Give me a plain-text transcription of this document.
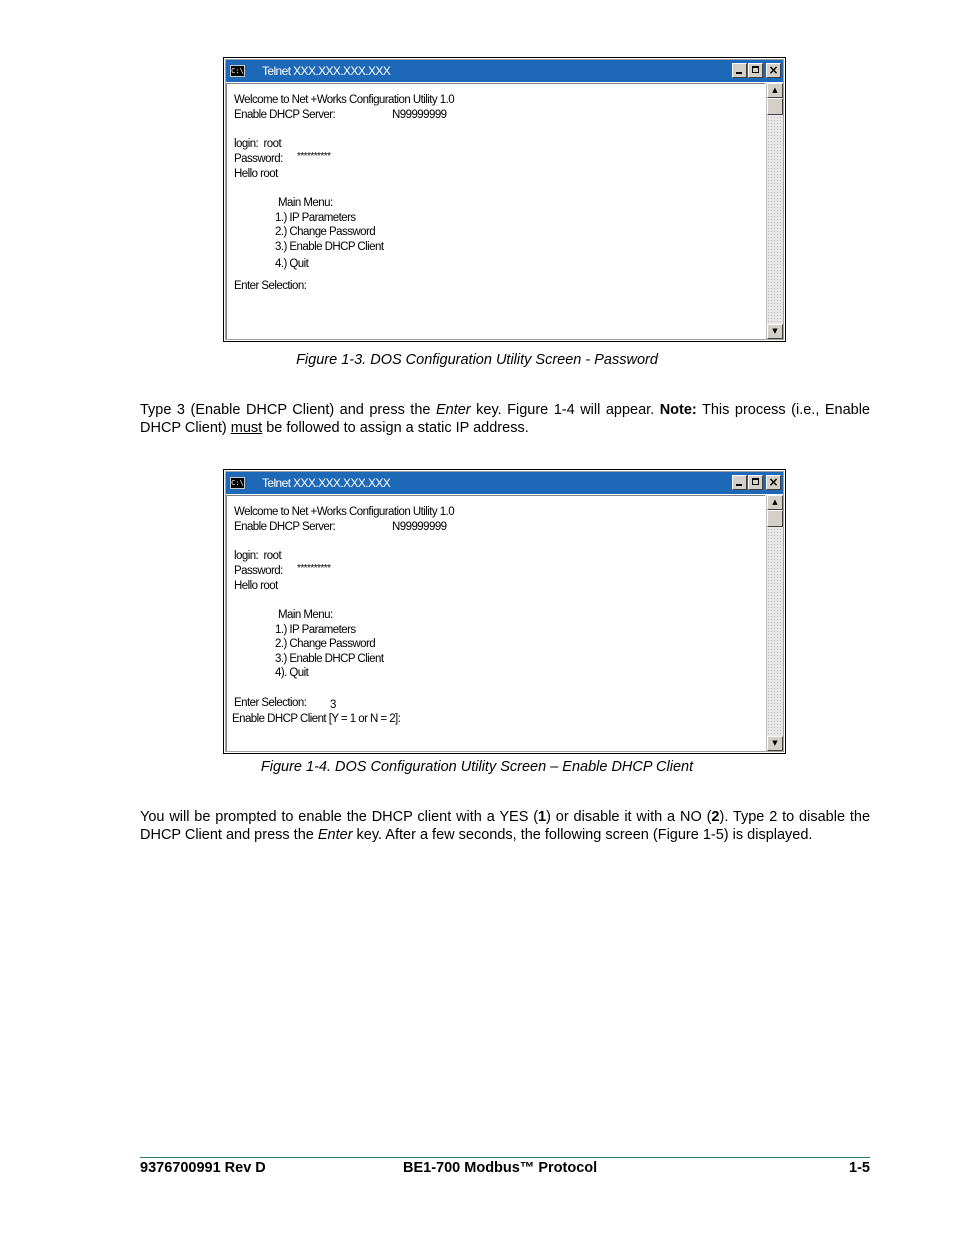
C:\ Telnet XXX.XXX.XXX.XXX	×
Welcome to Net +Works Configuration Utility 1.0
Enable DHCP Server:	N99999999
login:  root
Password: **********
Hello root
Main Menu:
1.) IP Parameters
2.) Change Password
3.) Enable DHCP Client
4.) Quit
Enter Selection:
▲
▼
Figure 1-3. DOS Configuration Utility Screen - Password
Type 3 (Enable DHCP Client) and press the Enter key. Figure 1-4 will appear. Note: This process (i.e., Enable DHCP Client) must be followed to assign a static IP address.
C:\ Telnet XXX.XXX.XXX.XXX	×
Welcome to Net +Works Configuration Utility 1.0
Enable DHCP Server:	N99999999
login:  root
Password: **********
Hello root
Main Menu:
1.) IP Parameters
2.) Change Password
3.) Enable DHCP Client
4). Quit
Enter Selection: 3
Enable DHCP Client [Y = 1 or N = 2]:
▲
▼
Figure 1-4. DOS Configuration Utility Screen – Enable DHCP Client
You will be prompted to enable the DHCP client with a YES (1) or disable it with a NO (2). Type 2 to disable the DHCP Client and press the Enter key. After a few seconds, the following screen (Figure 1-5) is displayed.
9376700991 Rev D	BE1-700 Modbus™ Protocol	1-5
